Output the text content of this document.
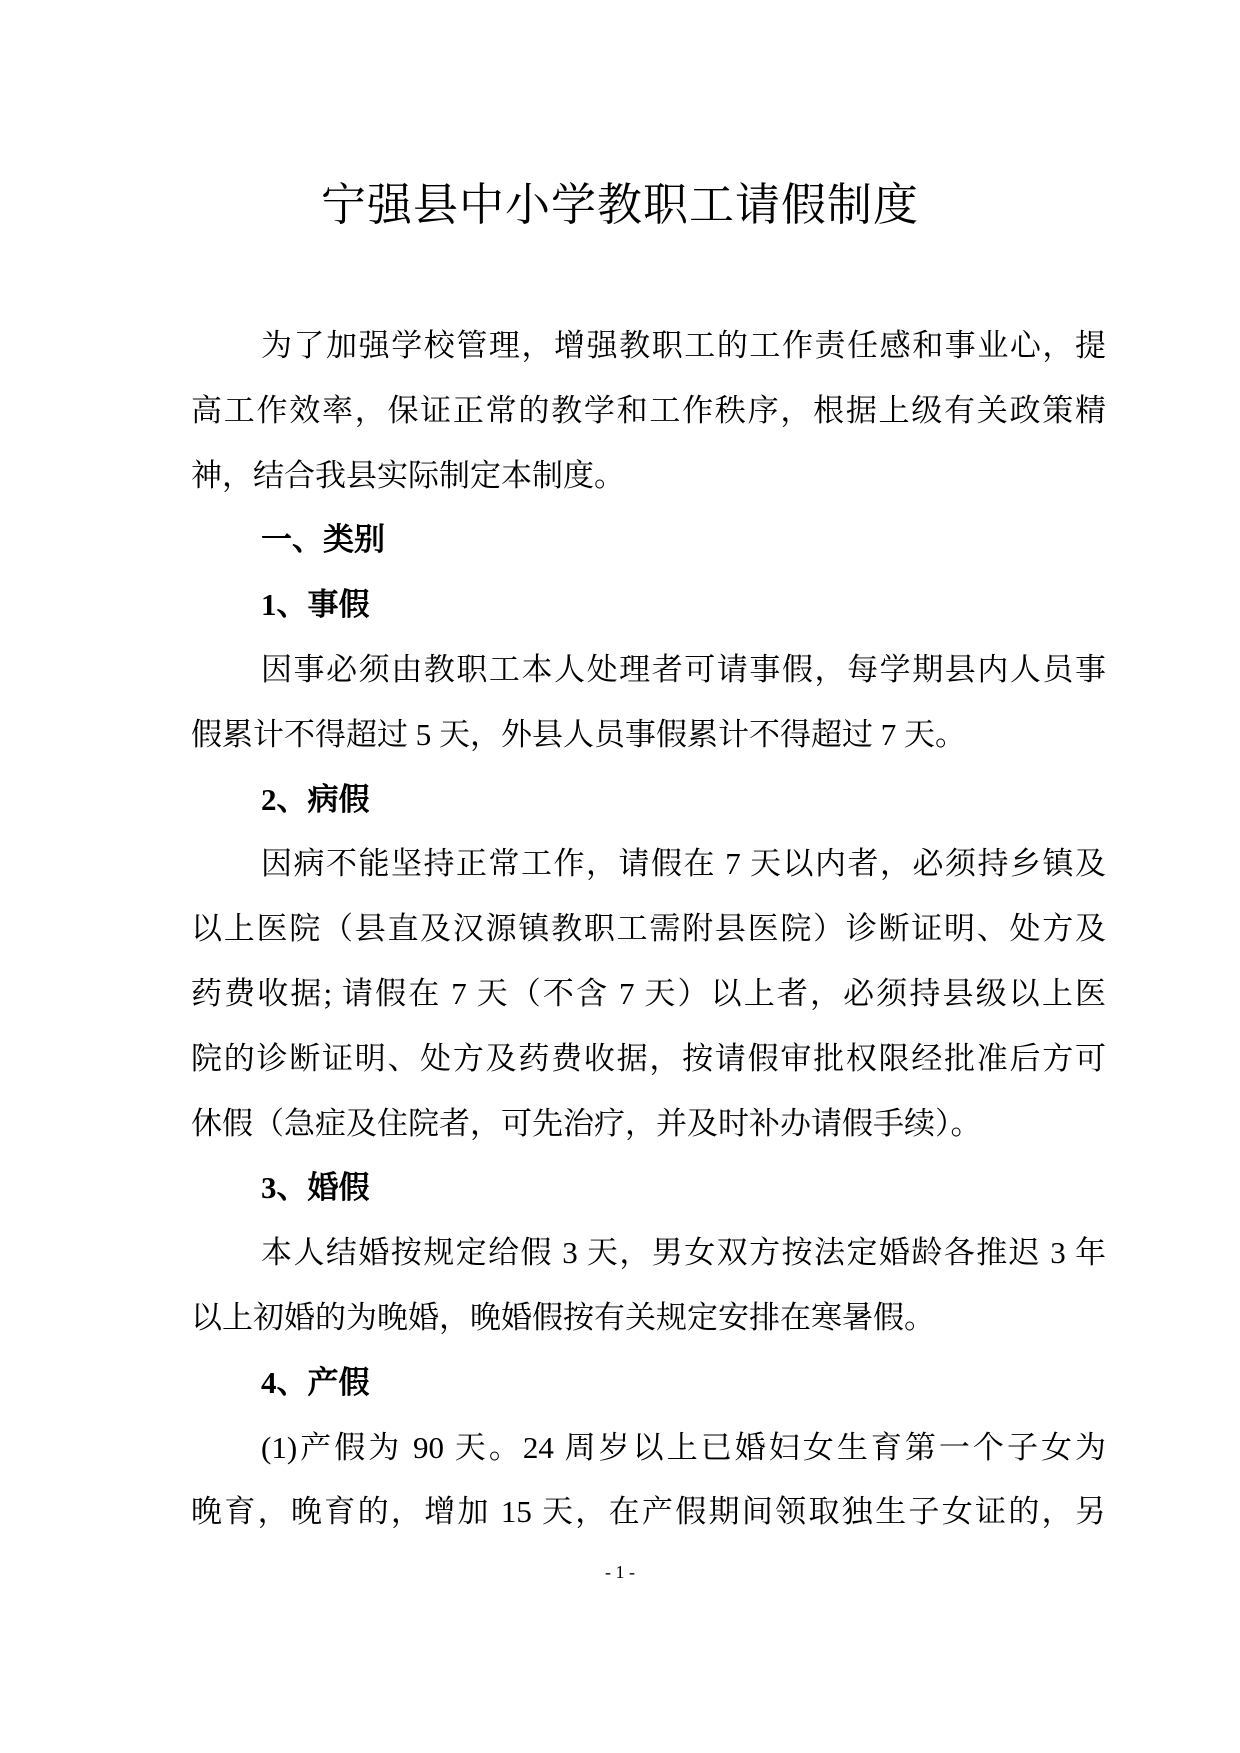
宁强县中小学教职工请假制度
为了加强学校管理，增强教职工的工作责任感和事业心，提
高工作效率，保证正常的教学和工作秩序，根据上级有关政策精
神，结合我县实际制定本制度。
一、类别
1、事假
因事必须由教职工本人处理者可请事假，每学期县内人员事
假累计不得超过 5 天，外县人员事假累计不得超过 7 天。
2、病假
因病不能坚持正常工作，请假在 7 天以内者，必须持乡镇及
以上医院（县直及汉源镇教职工需附县医院）诊断证明、处方及
药费收据; 请假在 7 天（不含 7 天）以上者，必须持县级以上医
院的诊断证明、处方及药费收据，按请假审批权限经批准后方可
休假（急症及住院者，可先治疗，并及时补办请假手续）。
3、婚假
本人结婚按规定给假 3 天，男女双方按法定婚龄各推迟 3 年
以上初婚的为晚婚，晚婚假按有关规定安排在寒暑假。
4、产假
(1)产假为 90 天。24 周岁以上已婚妇女生育第一个子女为
晚育，晚育的，增加 15 天，在产假期间领取独生子女证的，另
- 1 -
